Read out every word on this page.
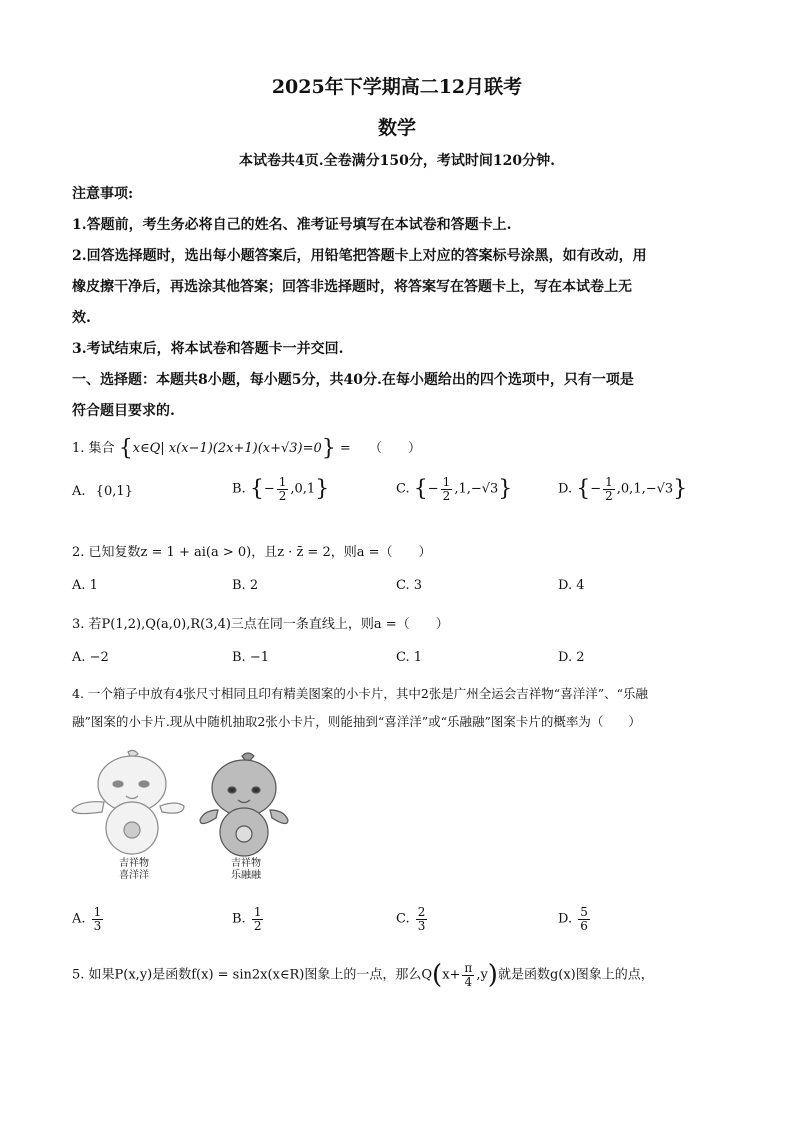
2025年下学期高二12月联考
数学
本试卷共4页.全卷满分150分，考试时间120分钟.
注意事项:
1.答题前，考生务必将自己的姓名、准考证号填写在本试卷和答题卡上.
2.回答选择题时，选出每小题答案后，用铅笔把答题卡上对应的答案标号涂黑，如有改动，用
橡皮擦干净后，再选涂其他答案；回答非选择题时，将答案写在答题卡上，写在本试卷上无
效.
3.考试结束后，将本试卷和答题卡一并交回.
一、选择题：本题共8小题，每小题5分，共40分.在每小题给出的四个选项中，只有一项是
符合题目要求的.
1. 集合 {x∈Q| x(x−1)(2x+1)(x+√3)=0} = （　　）
A. {0,1}	B. {− $\frac{1}{2} ,0,1$}	C. {− $\frac{1}{2} ,1,-√3$}	D. {− $\frac{1}{2} ,0,1,-√3$}
2. 已知复数z = 1 + ai(a > 0)，且z · z̄ = 2，则a =（　　）
A. 1	B. 2	C. 3	D. 4
3. 若P(1,2),Q(a,0),R(3,4)三点在同一条直线上，则a =（　　）
A. −2	B. −1	C. 1	D. 2
4. 一个箱子中放有4张尺寸相同且印有精美图案的小卡片，其中2张是广州全运会吉祥物“喜洋洋”、“乐融
融”图案的小卡片.现从中随机抽取2张小卡片，则能抽到“喜洋洋”或“乐融融”图案卡片的概率为（　　）
吉祥物
喜洋洋
吉祥物
乐融融
A. $\frac{1}{3}$	B. $\frac{1}{2}$	C. $\frac{2}{3}$	D. $\frac{5}{6}$
5. 如果P(x,y)是函数f(x) = sin2x(x∈R)图象上的一点，那么$Q(x+ \frac{\pi}{4} ,y)$就是函数g(x)图象上的点，
